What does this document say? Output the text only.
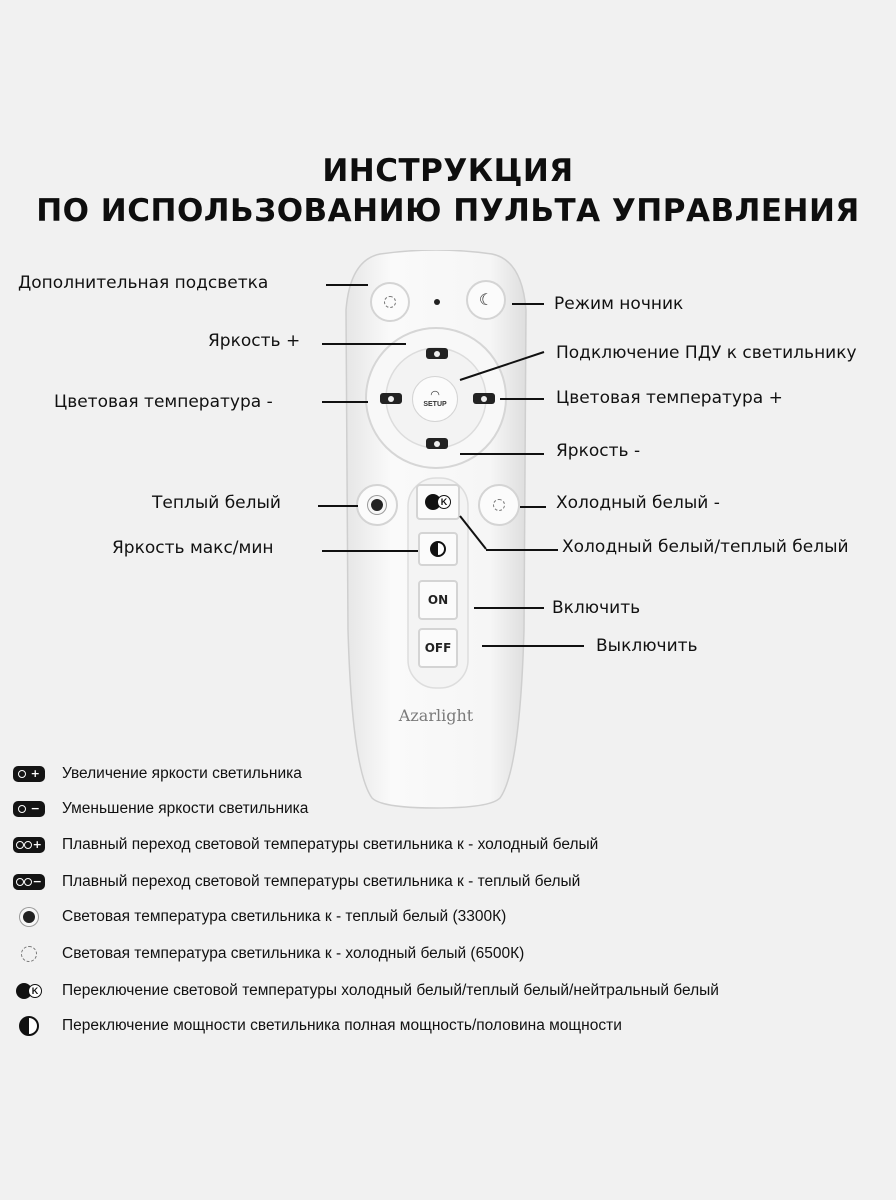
ИНСТРУКЦИЯ
ПО ИСПОЛЬЗОВАНИЮ ПУЛЬТА УПРАВЛЕНИЯ
☾
◠
SETUP
K
ON
OFF
Azarlight
Дополнительная подсветка
Режим ночник
Яркость +
Подключение ПДУ к светильнику
Цветовая температура -	Цветовая температура +
Яркость -
Теплый белый	Холодный белый -
Яркость макс/мин	Холодный белый/теплый белый
Включить
Выключить
+ Увеличение яркости светильника
− Уменьшение яркости светильника
+ Плавный переход световой температуры светильника к - холодный белый
− Плавный переход световой температуры светильника к - теплый белый
Световая температура светильника к - теплый белый (3300К)
Световая температура светильника к - холодный белый (6500К)
K Переключение световой температуры холодный белый/теплый белый/нейтральный белый
Переключение мощности светильника полная мощность/половина мощности
